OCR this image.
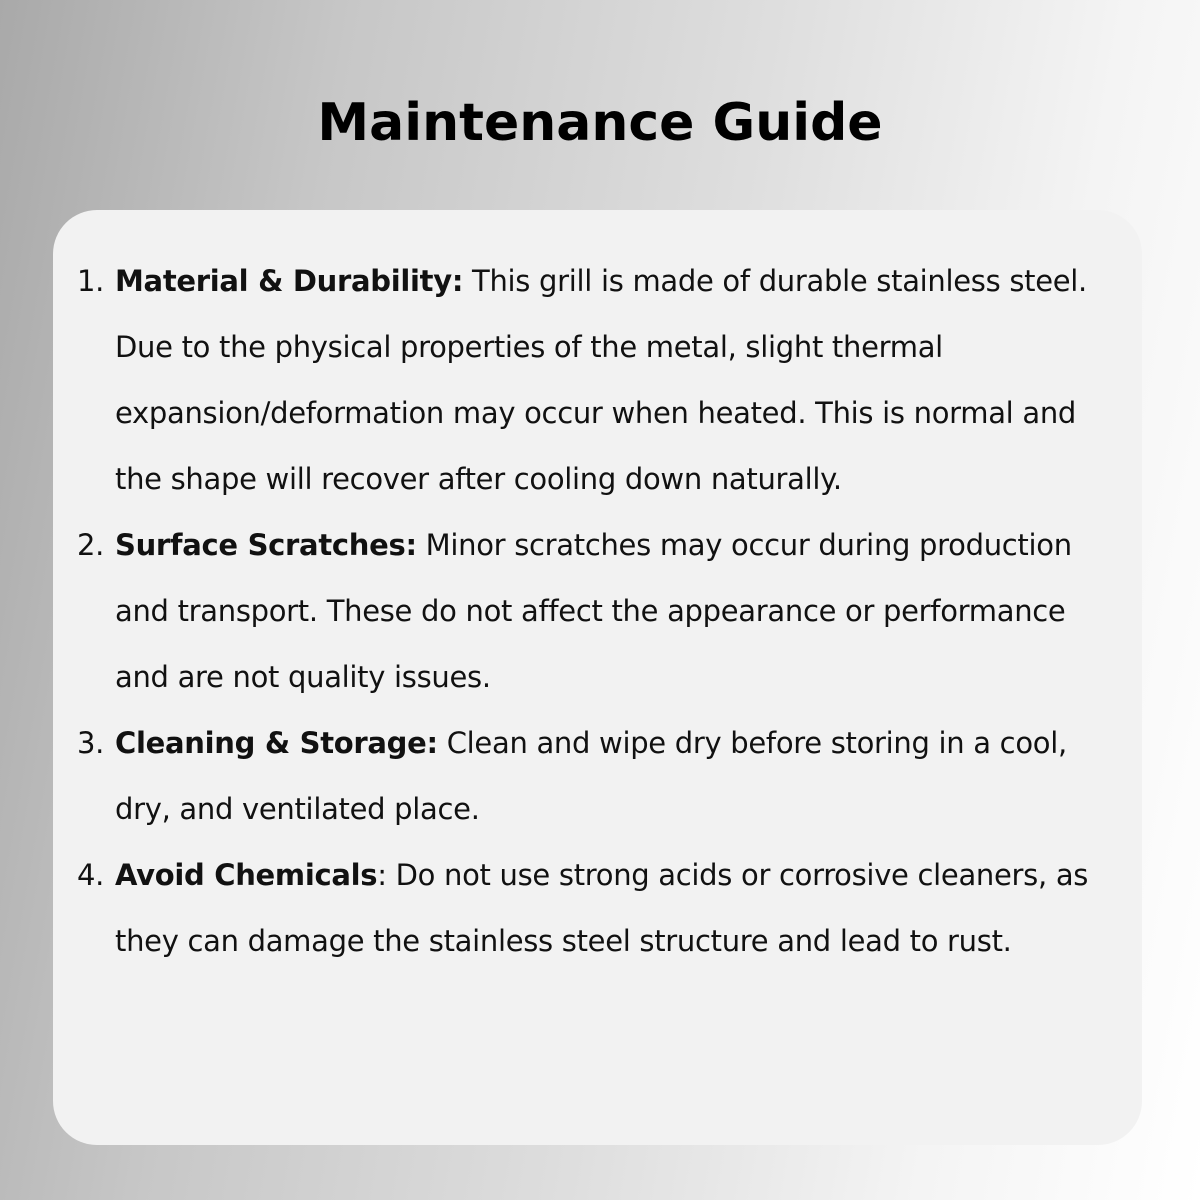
Maintenance Guide
1. Material & Durability: This grill is made of durable stainless steel. Due to the physical properties of the metal, slight thermal expansion/deformation may occur when heated. This is normal and the shape will recover after cooling down naturally.
2. Surface Scratches: Minor scratches may occur during production and transport. These do not affect the appearance or performance and are not quality issues.
3. Cleaning & Storage: Clean and wipe dry before storing in a cool, dry, and ventilated place.
4. Avoid Chemicals: Do not use strong acids or corrosive cleaners, as they can damage the stainless steel structure and lead to rust.
